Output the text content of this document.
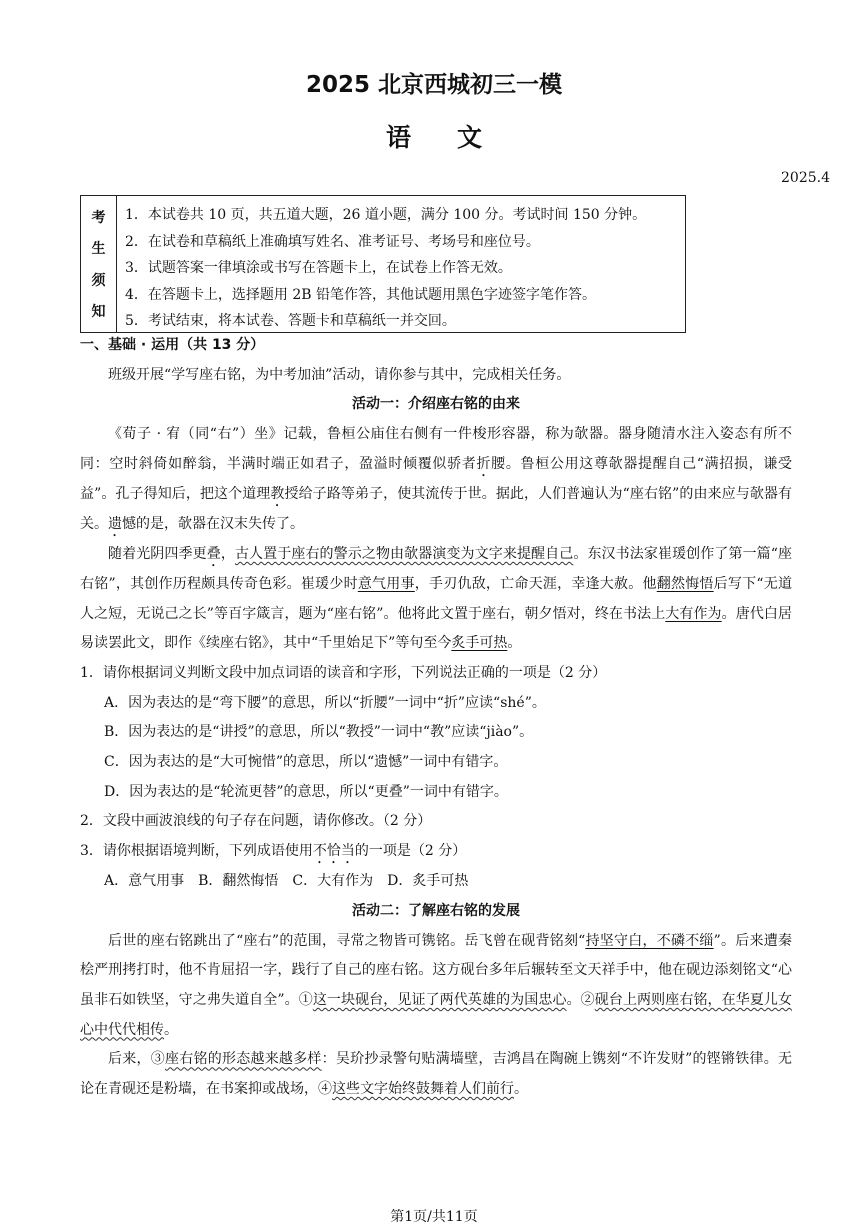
2025 北京西城初三一模
语文
2025.4
考
生
须
知
1．本试卷共 10 页，共五道大题，26 道小题，满分 100 分。考试时间 150 分钟。
2．在试卷和草稿纸上准确填写姓名、准考证号、考场号和座位号。
3．试题答案一律填涂或书写在答题卡上，在试卷上作答无效。
4．在答题卡上，选择题用 2B 铅笔作答，其他试题用黑色字迹签字笔作答。
5．考试结束，将本试卷、答题卡和草稿纸一并交回。
一、基础 · 运用（共 13 分）
班级开展“学写座右铭，为中考加油”活动，请你参与其中，完成相关任务。
活动一：介绍座右铭的由来
《荀子 · 宥（同“右”）坐》记载，鲁桓公庙住右侧有一件梭形容器，称为欹器。器身随清水注入姿态有所不同：空时斜倚如醉翁，半满时端正如君子，盈溢时倾覆似骄者折腰。鲁桓公用这尊欹器提醒自己“满招损，谦受益”。孔子得知后，把这个道理教授给子路等弟子，使其流传于世。据此，人们普遍认为“座右铭”的由来应与欹器有关。遗憾的是，欹器在汉末失传了。
随着光阴四季更叠，古人置于座右的警示之物由欹器演变为文字来提醒自己。东汉书法家崔瑗创作了第一篇“座右铭”，其创作历程颇具传奇色彩。崔瑗少时意气用事，手刃仇敌，亡命天涯，幸逢大赦。他翻然悔悟后写下“无道人之短，无说己之长”等百字箴言，题为“座右铭”。他将此文置于座右，朝夕悟对，终在书法上大有作为。唐代白居易读罢此文，即作《续座右铭》，其中“千里始足下”等句至今炙手可热。
1．请你根据词义判断文段中加点词语的读音和字形，下列说法正确的一项是（2 分）
A．因为表达的是“弯下腰”的意思，所以“折腰”一词中“折”应读“shé”。
B．因为表达的是“讲授”的意思，所以“教授”一词中“教”应读“jiào”。
C．因为表达的是“大可惋惜”的意思，所以“遗憾”一词中有错字。
D．因为表达的是“轮流更替”的意思，所以“更叠”一词中有错字。
2．文段中画波浪线的句子存在问题，请你修改。（2 分）
3．请你根据语境判断，下列成语使用不恰当的一项是（2 分）
A．意气用事　B．翻然悔悟　C．大有作为　D．炙手可热
活动二：了解座右铭的发展
后世的座右铭跳出了“座右”的范围，寻常之物皆可镌铭。岳飞曾在砚背铭刻“持坚守白，不磷不缁”。后来遭秦桧严刑拷打时，他不肯屈招一字，践行了自己的座右铭。这方砚台多年后辗转至文天祥手中，他在砚边添刻铭文“心虽非石如铁坚，守之弗失道自全”。①这一块砚台，见证了两代英雄的为国忠心。②砚台上两则座右铭，在华夏儿女心中代代相传。
后来，③座右铭的形态越来越多样：吴玠抄录警句贴满墙壁，吉鸿昌在陶碗上镌刻“不许发财”的铿锵铁律。无论在青砚还是粉墙，在书案抑或战场，④这些文字始终鼓舞着人们前行。
第1页/共11页
